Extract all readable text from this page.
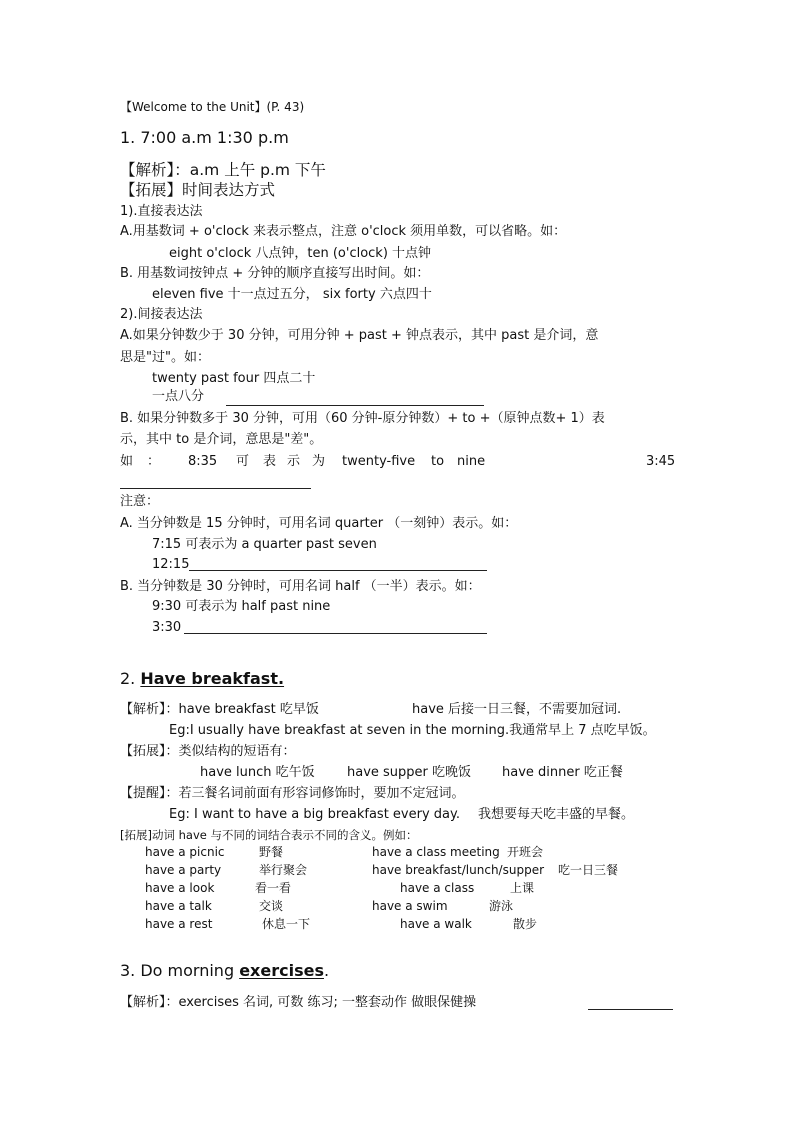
【Welcome to the Unit】(P. 43)
1. 7:00 a.m 1:30 p.m
【解析】：a.m 上午 p.m 下午
【拓展】时间表达方式
1).直接表达法
A.用基数词 + o'clock 来表示整点，注意 o'clock 须用单数，可以省略。如：
eight o'clock 八点钟，ten (o'clock) 十点钟
B. 用基数词按钟点 + 分钟的顺序直接写出时间。如：
eleven five 十一点过五分， six forty 六点四十
2).间接表达法
A.如果分钟数少于 30 分钟，可用分钟 + past + 钟点表示，其中 past 是介词，意
思是"过"。如：
twenty past four 四点二十
一点八分
B. 如果分钟数多于 30 分钟，可用（60 分钟-原分钟数）+ to +（原钟点数+ 1）表
示，其中 to 是介词，意思是"差"。
如 ： 8:35 可 表 示 为 twenty-five to nine	3:45
注意：
A. 当分钟数是 15 分钟时，可用名词 quarter （一刻钟）表示。如：
7:15 可表示为 a quarter past seven
12:15
B. 当分钟数是 30 分钟时，可用名词 half （一半）表示。如：
9:30 可表示为 half past nine
3:30
2. Have breakfast.
【解析】：have breakfast 吃早饭	have 后接一日三餐，不需要加冠词.
Eg:I usually have breakfast at seven in the morning.我通常早上 7 点吃早饭。
【拓展】：类似结构的短语有：
have lunch 吃午饭 have supper 吃晚饭 have dinner 吃正餐
【提醒】：若三餐名词前面有形容词修饰时，要加不定冠词。
Eg: I want to have a big breakfast every day. 我想要每天吃丰盛的早餐。
[拓展]动词 have 与不同的词结合表示不同的含义。例如：
have a picnic	野餐	have a class meeting 开班会
have a party	举行聚会	have breakfast/lunch/supper 吃一日三餐
have a look	看一看	have a class	上课
have a talk	交谈	have a swim	游泳
have a rest	休息一下	have a walk	散步
3. Do morning exercises.
【解析】：exercises 名词, 可数 练习; 一整套动作 做眼保健操
